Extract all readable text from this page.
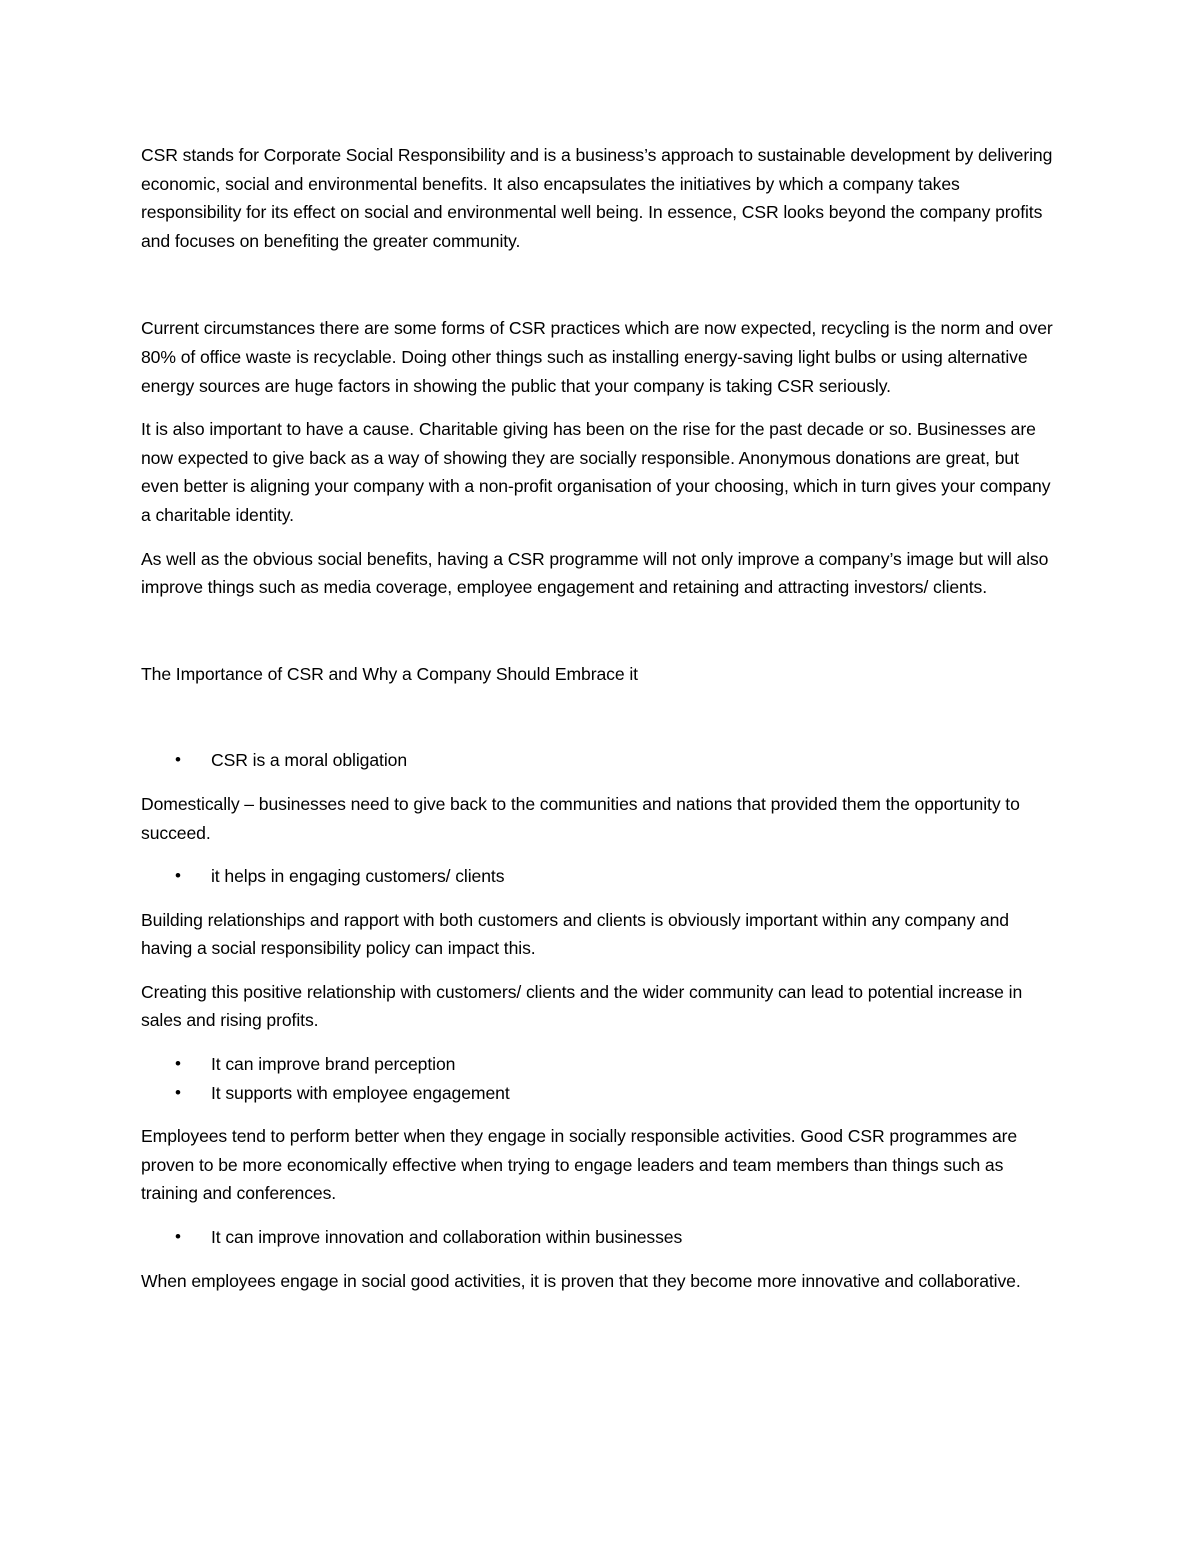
CSR stands for Corporate Social Responsibility and is a business’s approach to sustainable development by delivering economic, social and environmental benefits. It also encapsulates the initiatives by which a company takes responsibility for its effect on social and environmental well being. In essence, CSR looks beyond the company profits and focuses on benefiting the greater community.

Current circumstances there are some forms of CSR practices which are now expected, recycling is the norm and over 80% of office waste is recyclable. Doing other things such as installing energy-saving light bulbs or using alternative energy sources are huge factors in showing the public that your company is taking CSR seriously.

It is also important to have a cause. Charitable giving has been on the rise for the past decade or so. Businesses are now expected to give back as a way of showing they are socially responsible. Anonymous donations are great, but even better is aligning your company with a non-profit organisation of your choosing, which in turn gives your company a charitable identity.

As well as the obvious social benefits, having a CSR programme will not only improve a company’s image but will also improve things such as media coverage, employee engagement and retaining and attracting investors/ clients.

The Importance of CSR and Why a Company Should Embrace it

• CSR is a moral obligation

Domestically – businesses need to give back to the communities and nations that provided them the opportunity to succeed.

• it helps in engaging customers/ clients

Building relationships and rapport with both customers and clients is obviously important within any company and having a social responsibility policy can impact this.

Creating this positive relationship with customers/ clients and the wider community can lead to potential increase in sales and rising profits.

• It can improve brand perception
• It supports with employee engagement

Employees tend to perform better when they engage in socially responsible activities. Good CSR programmes are proven to be more economically effective when trying to engage leaders and team members than things such as training and conferences.

• It can improve innovation and collaboration within businesses

When employees engage in social good activities, it is proven that they become more innovative and collaborative.
